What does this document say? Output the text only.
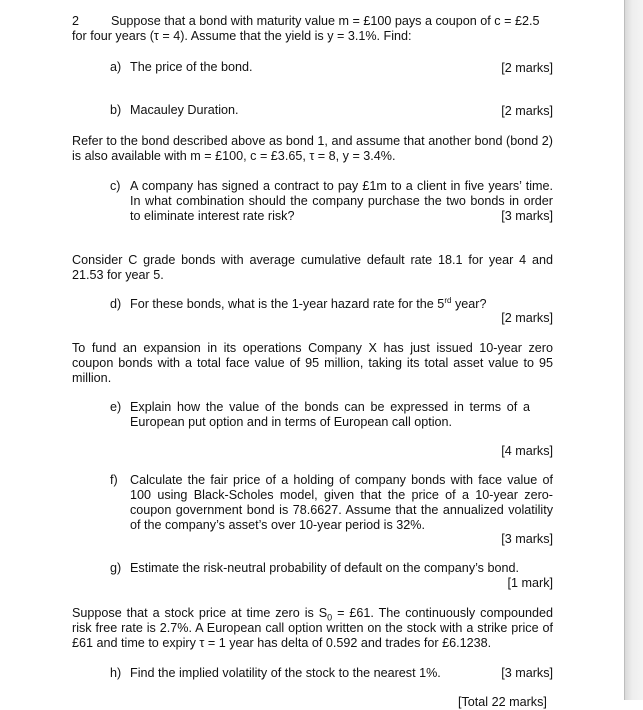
2	Suppose that a bond with maturity value m = £100 pays a coupon of c = £2.5

for four years (τ = 4). Assume that the yield is y = 3.1%. Find:

a) The price of the bond.	[2 marks]

b) Macauley Duration.	[2 marks]

Refer to the bond described above as bond 1, and assume that another bond (bond 2) is also available with m = £100, c = £3.65, τ = 8, y = 3.4%.

c) A company has signed a contract to pay £1m to a client in five years’ time. In what combination should the company purchase the two bonds in order to eliminate interest rate risk?	[3 marks]

Consider C grade bonds with average cumulative default rate 18.1 for year 4 and 21.53 for year 5.

d) For these bonds, what is the 1-year hazard rate for the 5rd year?

[2 marks]

To fund an expansion in its operations Company X has just issued 10-year zero coupon bonds with a total face value of 95 million, taking its total asset value to 95 million.

e) Explain how the value of the bonds can be expressed in terms of a European put option and in terms of European call option.

[4 marks]

f) Calculate the fair price of a holding of company bonds with face value of 100 using Black-Scholes model, given that the price of a 10-year zero-coupon government bond is 78.6627. Assume that the annualized volatility of the company’s asset’s over 10-year period is 32%.

[3 marks]

g) Estimate the risk-neutral probability of default on the company’s bond.

[1 mark]

Suppose that a stock price at time zero is $S_0$ = £61. The continuously compounded risk free rate is 2.7%. A European call option written on the stock with a strike price of £61 and time to expiry τ = 1 year has delta of 0.592 and trades for £6.1238.

h) Find the implied volatility of the stock to the nearest 1%.	[3 marks]
[Total 22 marks]
